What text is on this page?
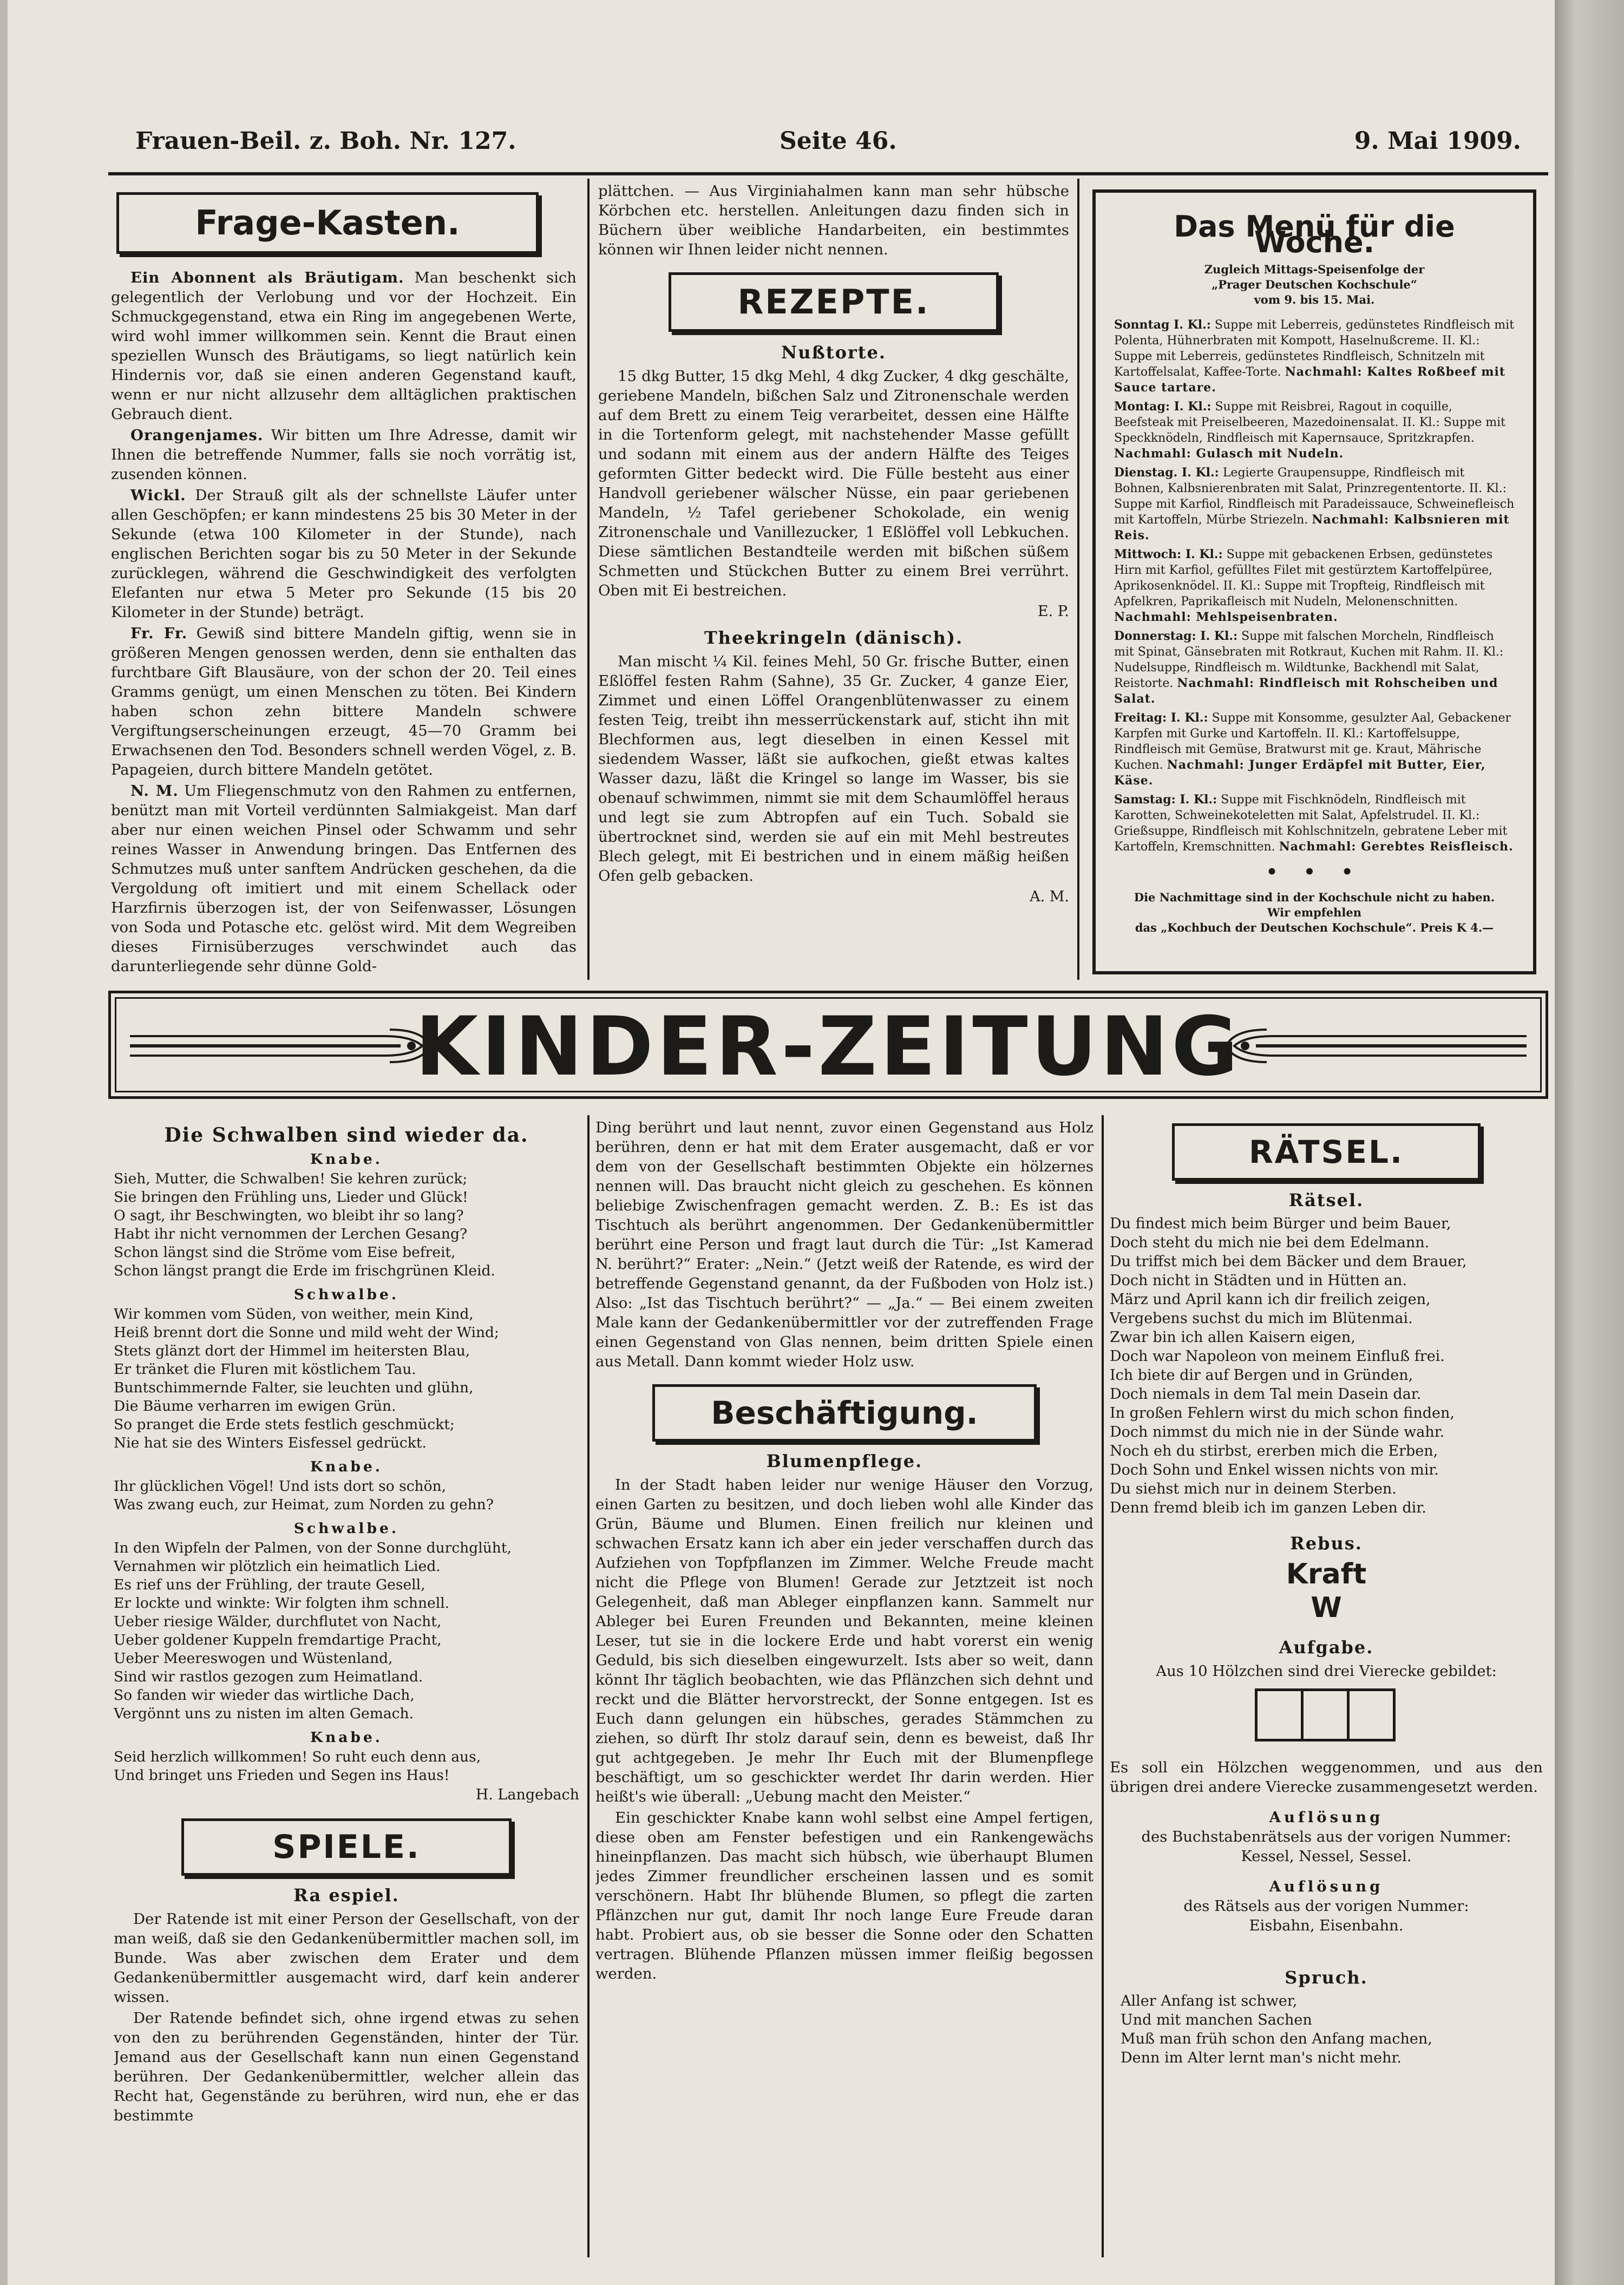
Frauen-Beil. z. Boh. Nr. 127.	Seite 46.	9. Mai 1909.
Frage-Kasten.

Ein Abonnent als Bräutigam. Man beschenkt sich gelegentlich der Verlobung und vor der Hochzeit. Ein Schmuckgegenstand, etwa ein Ring im angegebenen Werte, wird wohl immer willkommen sein. Kennt die Braut einen speziellen Wunsch des Bräutigams, so liegt natürlich kein Hindernis vor, daß sie einen anderen Gegenstand kauft, wenn er nur nicht allzusehr dem alltäglichen praktischen Gebrauch dient.

Orangenjames. Wir bitten um Ihre Adresse, damit wir Ihnen die betreffende Nummer, falls sie noch vorrätig ist, zusenden können.

Wickl. Der Strauß gilt als der schnellste Läufer unter allen Geschöpfen; er kann mindestens 25 bis 30 Meter in der Sekunde (etwa 100 Kilometer in der Stunde), nach englischen Berichten sogar bis zu 50 Meter in der Sekunde zurücklegen, während die Geschwindigkeit des verfolgten Elefanten nur etwa 5 Meter pro Sekunde (15 bis 20 Kilometer in der Stunde) beträgt.

Fr. Fr. Gewiß sind bittere Mandeln giftig, wenn sie in größeren Mengen genossen werden, denn sie enthalten das furchtbare Gift Blausäure, von der schon der 20. Teil eines Gramms genügt, um einen Menschen zu töten. Bei Kindern haben schon zehn bittere Mandeln schwere Vergiftungserscheinungen erzeugt, 45—70 Gramm bei Erwachsenen den Tod. Besonders schnell werden Vögel, z. B. Papageien, durch bittere Mandeln getötet.

N. M. Um Fliegenschmutz von den Rahmen zu entfernen, benützt man mit Vorteil verdünnten Salmiakgeist. Man darf aber nur einen weichen Pinsel oder Schwamm und sehr reines Wasser in Anwendung bringen. Das Entfernen des Schmutzes muß unter sanftem Andrücken geschehen, da die Vergoldung oft imitiert und mit einem Schellack oder Harzfirnis überzogen ist, der von Seifenwasser, Lösungen von Soda und Potasche etc. gelöst wird. Mit dem Wegreiben dieses Firnisüberzuges verschwindet auch das darunterliegende sehr dünne Gold-

plättchen. — Aus Virginiahalmen kann man sehr hübsche Körbchen etc. herstellen. Anleitungen dazu finden sich in Büchern über weibliche Handarbeiten, ein bestimmtes können wir Ihnen leider nicht nennen.

REZEPTE.
Nußtorte.

15 dkg Butter, 15 dkg Mehl, 4 dkg Zucker, 4 dkg geschälte, geriebene Mandeln, bißchen Salz und Zitronenschale werden auf dem Brett zu einem Teig verarbeitet, dessen eine Hälfte in die Tortenform gelegt, mit nachstehender Masse gefüllt und sodann mit einem aus der andern Hälfte des Teiges geformten Gitter bedeckt wird. Die Fülle besteht aus einer Handvoll geriebener wälscher Nüsse, ein paar geriebenen Mandeln, ½ Tafel geriebener Schokolade, ein wenig Zitronenschale und Vanillezucker, 1 Eßlöffel voll Lebkuchen. Diese sämtlichen Bestandteile werden mit bißchen süßem Schmetten und Stückchen Butter zu einem Brei verrührt. Oben mit Ei bestreichen.

E. P.
Theekringeln (dänisch).

Man mischt ¼ Kil. feines Mehl, 50 Gr. frische Butter, einen Eßlöffel festen Rahm (Sahne), 35 Gr. Zucker, 4 ganze Eier, Zimmet und einen Löffel Orangenblütenwasser zu einem festen Teig, treibt ihn messerrückenstark auf, sticht ihn mit Blechformen aus, legt dieselben in einen Kessel mit siedendem Wasser, läßt sie aufkochen, gießt etwas kaltes Wasser dazu, läßt die Kringel so lange im Wasser, bis sie obenauf schwimmen, nimmt sie mit dem Schaumlöffel heraus und legt sie zum Abtropfen auf ein Tuch. Sobald sie übertrocknet sind, werden sie auf ein mit Mehl bestreutes Blech gelegt, mit Ei bestrichen und in einem mäßig heißen Ofen gelb gebacken.

A. M.
Das Menü für die Woche.
Zugleich Mittags-Speisenfolge der
„Prager Deutschen Kochschule“
vom 9. bis 15. Mai.
Sonntag I. Kl.: Suppe mit Leberreis, gedünstetes Rindfleisch mit Polenta, Hühnerbraten mit Kompott, Haselnußcreme. II. Kl.: Suppe mit Leberreis, gedünstetes Rindfleisch, Schnitzeln mit Kartoffelsalat, Kaffee-Torte. Nachmahl: Kaltes Roßbeef mit Sauce tartare.
Montag: I. Kl.: Suppe mit Reisbrei, Ragout in coquille, Beefsteak mit Preiselbeeren, Mazedoinensalat. II. Kl.: Suppe mit Speckknödeln, Rindfleisch mit Kapernsauce, Spritzkrapfen. Nachmahl: Gulasch mit Nudeln.
Dienstag. I. Kl.: Legierte Graupensuppe, Rindfleisch mit Bohnen, Kalbsnierenbraten mit Salat, Prinzregententorte. II. Kl.: Suppe mit Karfiol, Rindfleisch mit Paradeissauce, Schweinefleisch mit Kartoffeln, Mürbe Striezeln. Nachmahl: Kalbsnieren mit Reis.
Mittwoch: I. Kl.: Suppe mit gebackenen Erbsen, gedünstetes Hirn mit Karfiol, gefülltes Filet mit gestürztem Kartoffelpüree, Aprikosenknödel. II. Kl.: Suppe mit Tropfteig, Rindfleisch mit Apfelkren, Paprikafleisch mit Nudeln, Melonenschnitten. Nachmahl: Mehlspeisenbraten.
Donnerstag: I. Kl.: Suppe mit falschen Morcheln, Rindfleisch mit Spinat, Gänsebraten mit Rotkraut, Kuchen mit Rahm. II. Kl.: Nudelsuppe, Rindfleisch m. Wildtunke, Backhendl mit Salat, Reistorte. Nachmahl: Rindfleisch mit Rohscheiben und Salat.
Freitag: I. Kl.: Suppe mit Konsomme, gesulzter Aal, Gebackener Karpfen mit Gurke und Kartoffeln. II. Kl.: Kartoffelsuppe, Rindfleisch mit Gemüse, Bratwurst mit ge. Kraut, Mährische Kuchen. Nachmahl: Junger Erdäpfel mit Butter, Eier, Käse.
Samstag: I. Kl.: Suppe mit Fischknödeln, Rindfleisch mit Karotten, Schweinekoteletten mit Salat, Apfelstrudel. II. Kl.: Grießsuppe, Rindfleisch mit Kohlschnitzeln, gebratene Leber mit Kartoffeln, Kremschnitten. Nachmahl: Gerebtes Reisfleisch.
• • •
Die Nachmittage sind in der Kochschule nicht zu haben.
Wir empfehlen
das „Kochbuch der Deutschen Kochschule“. Preis K 4.—
KINDER-ZEITUNG
Die Schwalben sind wieder da.
Knabe.
Sieh, Mutter, die Schwalben! Sie kehren zurück;
Sie bringen den Frühling uns, Lieder und Glück!
O sagt, ihr Beschwingten, wo bleibt ihr so lang?
Habt ihr nicht vernommen der Lerchen Gesang?
Schon längst sind die Ströme vom Eise befreit,
Schon längst prangt die Erde im frischgrünen Kleid.
Schwalbe.
Wir kommen vom Süden, von weither, mein Kind,
Heiß brennt dort die Sonne und mild weht der Wind;
Stets glänzt dort der Himmel im heitersten Blau,
Er tränket die Fluren mit köstlichem Tau.
Buntschimmernde Falter, sie leuchten und glühn,
Die Bäume verharren im ewigen Grün.
So pranget die Erde stets festlich geschmückt;
Nie hat sie des Winters Eisfessel gedrückt.
Knabe.
Ihr glücklichen Vögel! Und ists dort so schön,
Was zwang euch, zur Heimat, zum Norden zu gehn?
Schwalbe.
In den Wipfeln der Palmen, von der Sonne durchglüht,
Vernahmen wir plötzlich ein heimatlich Lied.
Es rief uns der Frühling, der traute Gesell,
Er lockte und winkte: Wir folgten ihm schnell.
Ueber riesige Wälder, durchflutet von Nacht,
Ueber goldener Kuppeln fremdartige Pracht,
Ueber Meereswogen und Wüstenland,
Sind wir rastlos gezogen zum Heimatland.
So fanden wir wieder das wirtliche Dach,
Vergönnt uns zu nisten im alten Gemach.
Knabe.
Seid herzlich willkommen! So ruht euch denn aus,
Und bringet uns Frieden und Segen ins Haus!
H. Langebach
SPIELE.
Ra espiel.

Der Ratende ist mit einer Person der Gesellschaft, von der man weiß, daß sie den Gedankenübermittler machen soll, im Bunde. Was aber zwischen dem Erater und dem Gedankenübermittler ausgemacht wird, darf kein anderer wissen.

Der Ratende befindet sich, ohne irgend etwas zu sehen von den zu berührenden Gegenständen, hinter der Tür. Jemand aus der Gesellschaft kann nun einen Gegenstand berühren. Der Gedankenübermittler, welcher allein das Recht hat, Gegenstände zu berühren, wird nun, ehe er das bestimmte

Ding berührt und laut nennt, zuvor einen Gegenstand aus Holz berühren, denn er hat mit dem Erater ausgemacht, daß er vor dem von der Gesellschaft bestimmten Objekte ein hölzernes nennen will. Das braucht nicht gleich zu geschehen. Es können beliebige Zwischenfragen gemacht werden. Z. B.: Es ist das Tischtuch als berührt angenommen. Der Gedankenübermittler berührt eine Person und fragt laut durch die Tür: „Ist Kamerad N. berührt?“ Erater: „Nein.“ (Jetzt weiß der Ratende, es wird der betreffende Gegenstand genannt, da der Fußboden von Holz ist.) Also: „Ist das Tischtuch berührt?“ — „Ja.“ — Bei einem zweiten Male kann der Gedankenübermittler vor der zutreffenden Frage einen Gegenstand von Glas nennen, beim dritten Spiele einen aus Metall. Dann kommt wieder Holz usw.

Beschäftigung.
Blumenpflege.

In der Stadt haben leider nur wenige Häuser den Vorzug, einen Garten zu besitzen, und doch lieben wohl alle Kinder das Grün, Bäume und Blumen. Einen freilich nur kleinen und schwachen Ersatz kann ich aber ein jeder verschaffen durch das Aufziehen von Topfpflanzen im Zimmer. Welche Freude macht nicht die Pflege von Blumen! Gerade zur Jetztzeit ist noch Gelegenheit, daß man Ableger einpflanzen kann. Sammelt nur Ableger bei Euren Freunden und Bekannten, meine kleinen Leser, tut sie in die lockere Erde und habt vorerst ein wenig Geduld, bis sich dieselben eingewurzelt. Ists aber so weit, dann könnt Ihr täglich beobachten, wie das Pflänzchen sich dehnt und reckt und die Blätter hervorstreckt, der Sonne entgegen. Ist es Euch dann gelungen ein hübsches, gerades Stämmchen zu ziehen, so dürft Ihr stolz darauf sein, denn es beweist, daß Ihr gut achtgegeben. Je mehr Ihr Euch mit der Blumenpflege beschäftigt, um so geschickter werdet Ihr darin werden. Hier heißt's wie überall: „Uebung macht den Meister.“

Ein geschickter Knabe kann wohl selbst eine Ampel fertigen, diese oben am Fenster befestigen und ein Rankengewächs hineinpflanzen. Das macht sich hübsch, wie überhaupt Blumen jedes Zimmer freundlicher erscheinen lassen und es somit verschönern. Habt Ihr blühende Blumen, so pflegt die zarten Pflänzchen nur gut, damit Ihr noch lange Eure Freude daran habt. Probiert aus, ob sie besser die Sonne oder den Schatten vertragen. Blühende Pflanzen müssen immer fleißig begossen werden.

RÄTSEL.
Rätsel.
Du findest mich beim Bürger und beim Bauer,
Doch steht du mich nie bei dem Edelmann.
Du triffst mich bei dem Bäcker und dem Brauer,
Doch nicht in Städten und in Hütten an.
März und April kann ich dir freilich zeigen,
Vergebens suchst du mich im Blütenmai.
Zwar bin ich allen Kaisern eigen,
Doch war Napoleon von meinem Einfluß frei.
Ich biete dir auf Bergen und in Gründen,
Doch niemals in dem Tal mein Dasein dar.
In großen Fehlern wirst du mich schon finden,
Doch nimmst du mich nie in der Sünde wahr.
Noch eh du stirbst, ererben mich die Erben,
Doch Sohn und Enkel wissen nichts von mir.
Du siehst mich nur in deinem Sterben.
Denn fremd bleib ich im ganzen Leben dir.
Rebus.
Kraft
W
Aufgabe.
Aus 10 Hölzchen sind drei Vierecke gebildet:

Es soll ein Hölzchen weggenommen, und aus den übrigen drei andere Vierecke zusammengesetzt werden.

Auflösung
des Buchstabenrätsels aus der vorigen Nummer:
Kessel, Nessel, Sessel.
Auflösung
des Rätsels aus der vorigen Nummer:
Eisbahn, Eisenbahn.
Spruch.
Aller Anfang ist schwer,
Und mit manchen Sachen
Muß man früh schon den Anfang machen,
Denn im Alter lernt man's nicht mehr.
